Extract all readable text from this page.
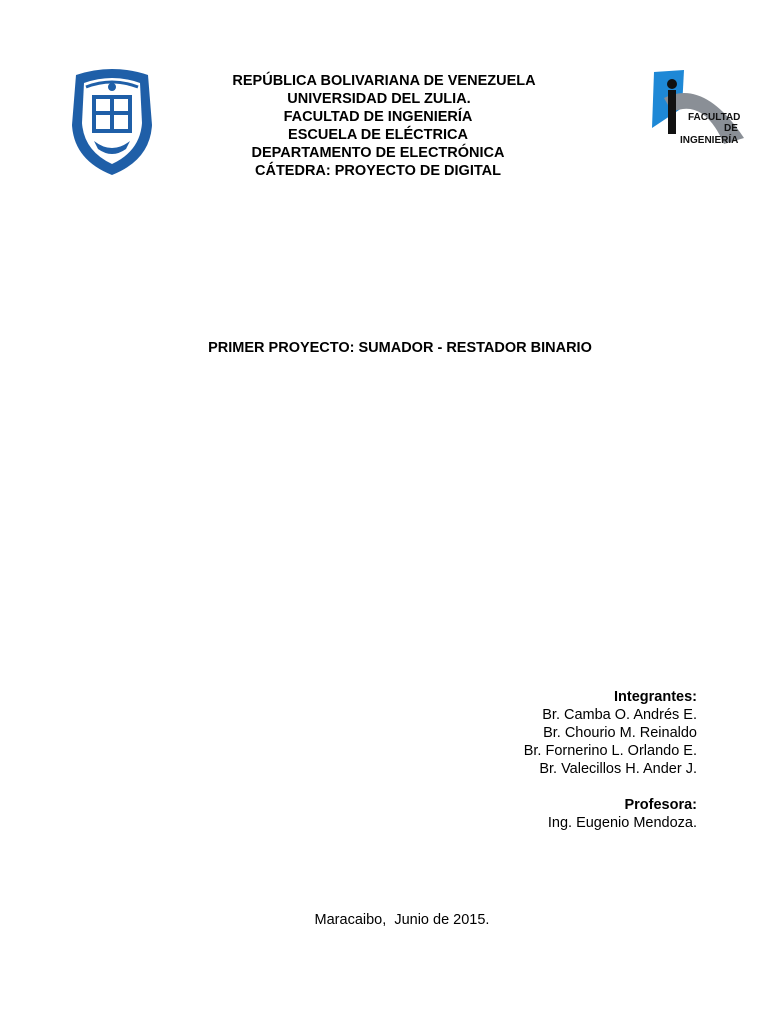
FACULTAD
DE
INGENIERÍA
REPÚBLICA BOLIVARIANA DE VENEZUELA
UNIVERSIDAD DEL ZULIA.
FACULTAD DE INGENIERÍA
ESCUELA DE ELÉCTRICA
DEPARTAMENTO DE ELECTRÓNICA
CÁTEDRA: PROYECTO DE DIGITAL
PRIMER PROYECTO: SUMADOR - RESTADOR BINARIO
Integrantes:
Br. Camba O. Andrés E.
Br. Chourio M. Reinaldo
Br. Fornerino L. Orlando E.
Br. Valecillos H. Ander J.
Profesora:
Ing. Eugenio Mendoza.
Maracaibo,  Junio de 2015.
